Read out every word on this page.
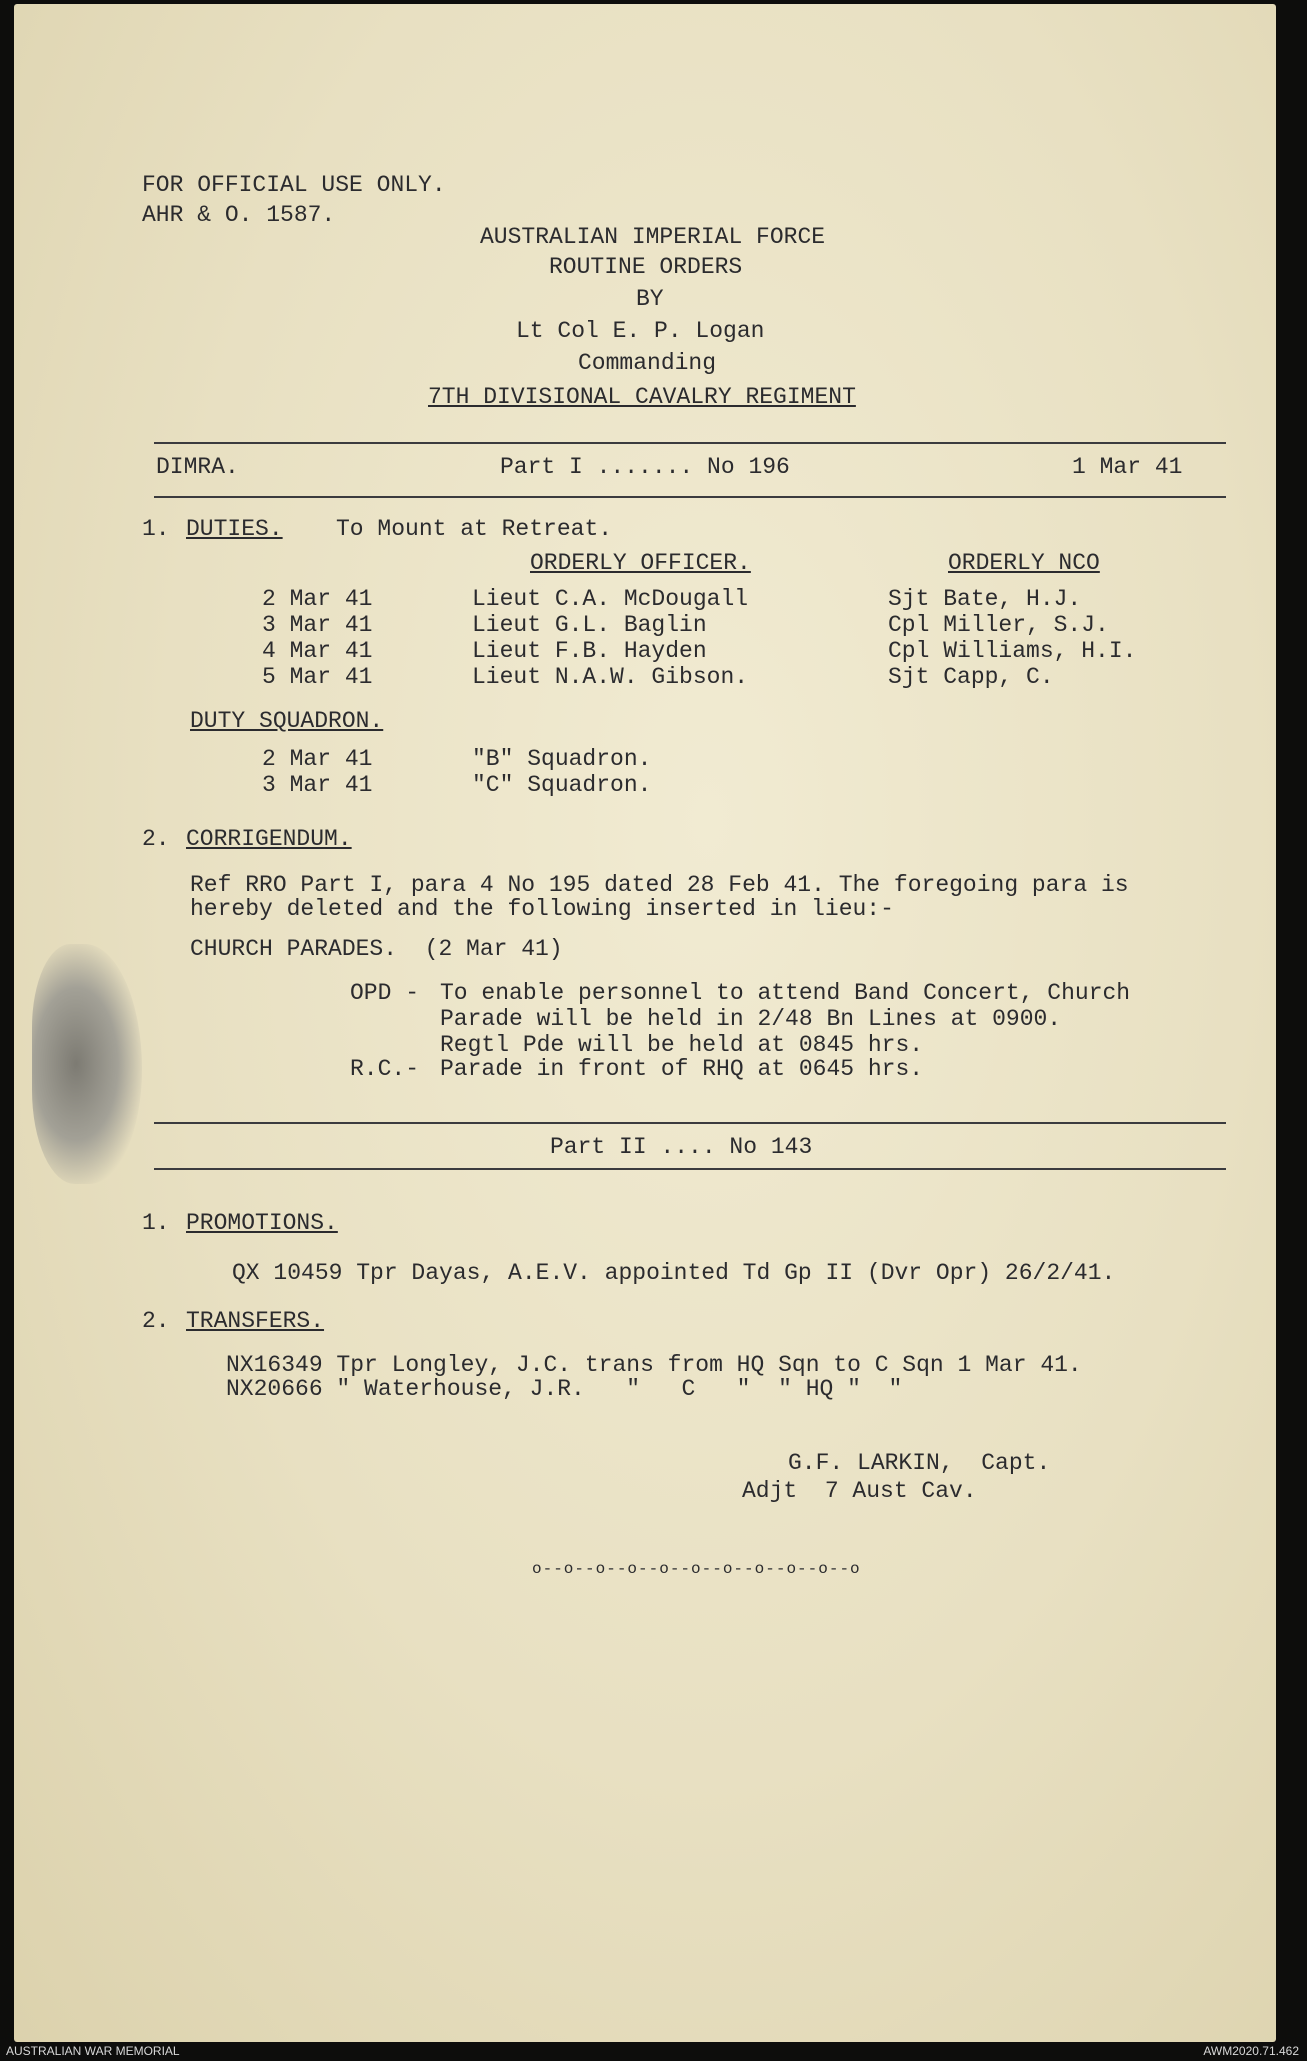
FOR OFFICIAL USE ONLY.
AHR & O. 1587.
AUSTRALIAN IMPERIAL FORCE
ROUTINE ORDERS
BY
Lt Col E. P. Logan
Commanding
7TH DIVISIONAL CAVALRY REGIMENT
DIMRA.	Part I ....... No 196	1 Mar 41
1. DUTIES. To Mount at Retreat.
ORDERLY OFFICER.	ORDERLY NCO
2 Mar 41	Lieut C.A. McDougall	Sjt Bate, H.J.
3 Mar 41	Lieut G.L. Baglin	Cpl Miller, S.J.
4 Mar 41	Lieut F.B. Hayden	Cpl Williams, H.I.
5 Mar 41	Lieut N.A.W. Gibson.	Sjt Capp, C.
DUTY SQUADRON.
2 Mar 41	"B" Squadron.
3 Mar 41	"C" Squadron.
2. CORRIGENDUM.
Ref RRO Part I, para 4 No 195 dated 28 Feb 41. The foregoing para is
hereby deleted and the following inserted in lieu:-
CHURCH PARADES.  (2 Mar 41)
OPD - To enable personnel to attend Band Concert, Church
Parade will be held in 2/48 Bn Lines at 0900.
Regtl Pde will be held at 0845 hrs.
R.C.- Parade in front of RHQ at 0645 hrs.
Part II .... No 143
1. PROMOTIONS.
QX 10459 Tpr Dayas, A.E.V. appointed Td Gp II (Dvr Opr) 26/2/41.
2. TRANSFERS.
NX16349 Tpr Longley, J.C. trans from HQ Sqn to C Sqn 1 Mar 41.
NX20666 " Waterhouse, J.R.   "   C   "  " HQ "  "
G.F. LARKIN,  Capt.
Adjt  7 Aust Cav.
o--o--o--o--o--o--o--o--o--o--o
AUSTRALIAN WAR MEMORIAL	AWM2020.71.462
